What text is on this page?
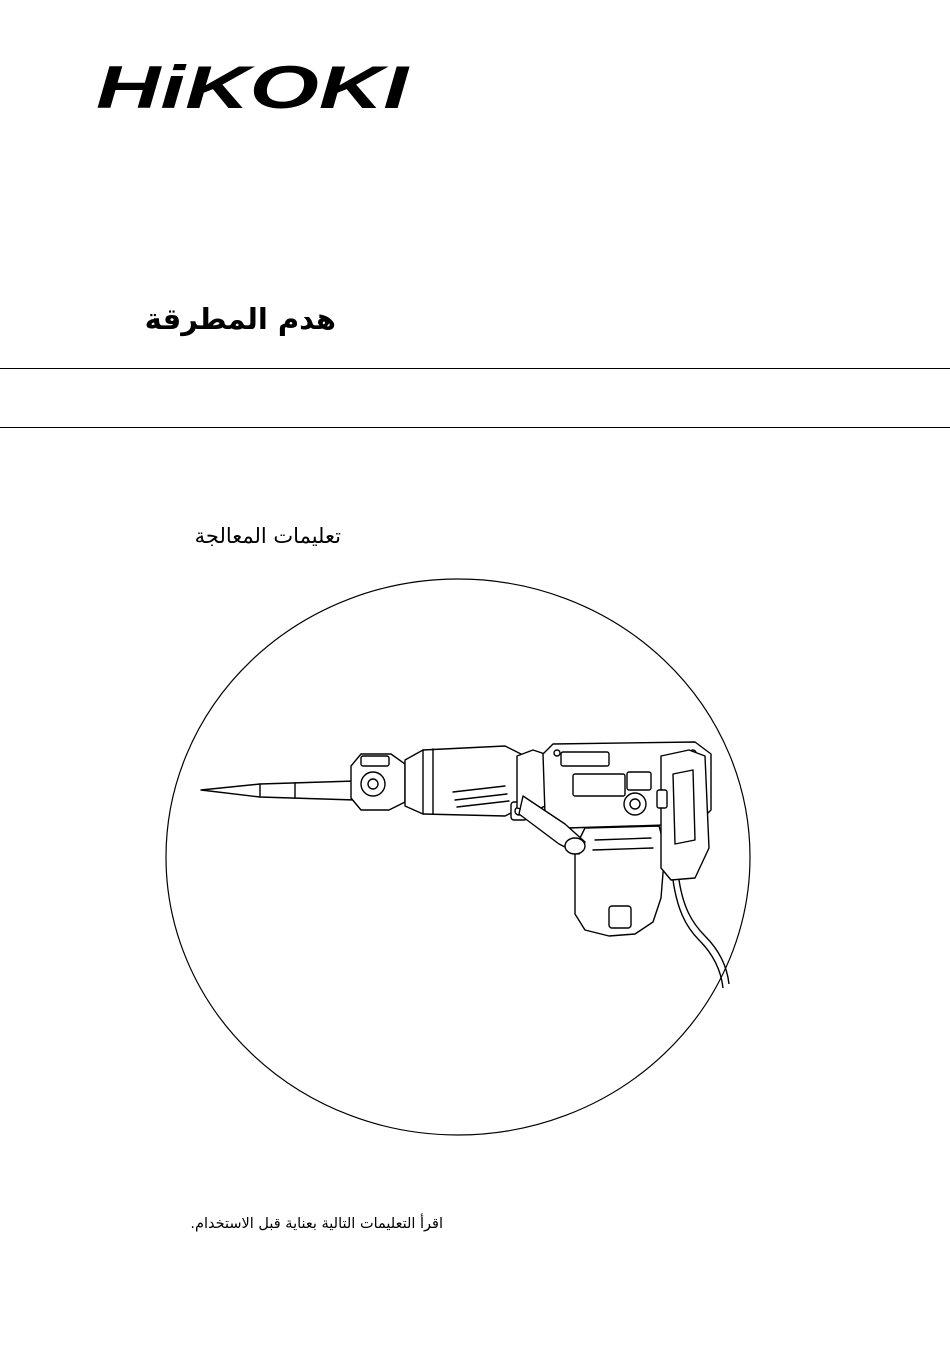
HiKOKI
هدم المطرقة
تعليمات المعالجة
اقرأ التعليمات التالية بعناية قبل الاستخدام.
